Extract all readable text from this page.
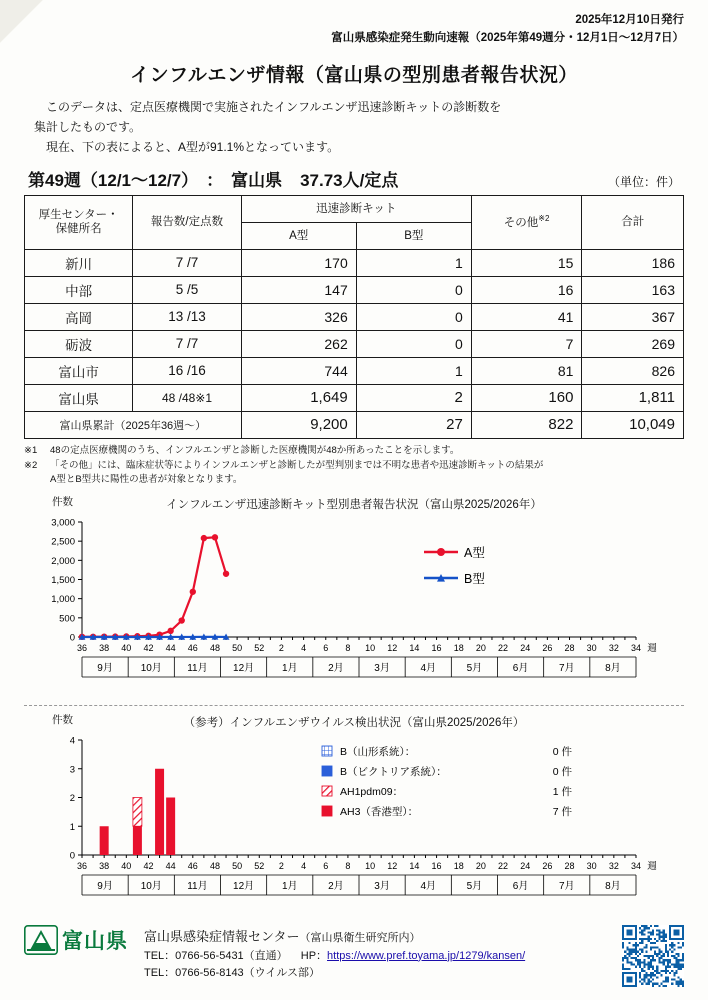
2025年12月10日発行
富山県感染症発生動向速報（2025年第49週分・12月1日〜12月7日）
インフルエンザ情報（富山県の型別患者報告状況）

このデータは、定点医療機関で実施されたインフルエンザ迅速診断キットの診断数を

集計したものです。

現在、下の表によると、A型が91.1%となっています。

第49週（12/1〜12/7） ： 富山県	37.73人/定点	（単位：件）
厚生センター・
保健所名	報告数/定点数	迅速診断キット		その他$^{※2}$	合計
		A型	B型		
新川	7 /7	170	1	15	186
中部	5 /5	147	0	16	163
高岡	13 /13	326	0	41	367
砺波	7 /7	262	0	7	269
富山市	16 /16	744	1	81	826
富山県	48 /48※1	1,649	2	160	1,811
富山県累計（2025年36週〜）		9,200	27	822	10,049
※1	48の定点医療機関のうち、インフルエンザと診断した医療機関が48か所あったことを示します。
※2	「その他」には、臨床症状等によりインフルエンザと診断したが型判別までは不明な患者や迅速診断キットの結果が
A型とB型共に陽性の患者が対象となります。
件数	インフルエンザ迅速診断キット型別患者報告状況（富山県2025/2026年）
0
500
1,000
1,500
2,000
2,500
3,000
36 38 40 42 44 46 48 50 52 2 4 6 8 10 12 14 16 18 20 22 24 26 28 30 32 34 週
9月	10月	11月	12月	1月	2月	3月	4月	5月	6月	7月	8月
A型
B型
件数	（参考）インフルエンザウイルス検出状況（富山県2025/2026年）
0
1
2
3
4
36 38 40 42 44 46 48 50 52 2 4 6 8 10 12 14 16 18 20 22 24 26 28 30 32 34 週
9月	10月	11月	12月	1月	2月	3月	4月	5月	6月	7月	8月
B（山形系統）：	0 件
B（ビクトリア系統）：	0 件
AH1pdm09：	1 件
AH3（香港型）：	7 件
富山県 富山県感染症情報センター（富山県衛生研究所内）
TEL：0766-56-5431（直通） HP：https://www.pref.toyama.jp/1279/kansen/
TEL：0766-56-8143（ウイルス部）
